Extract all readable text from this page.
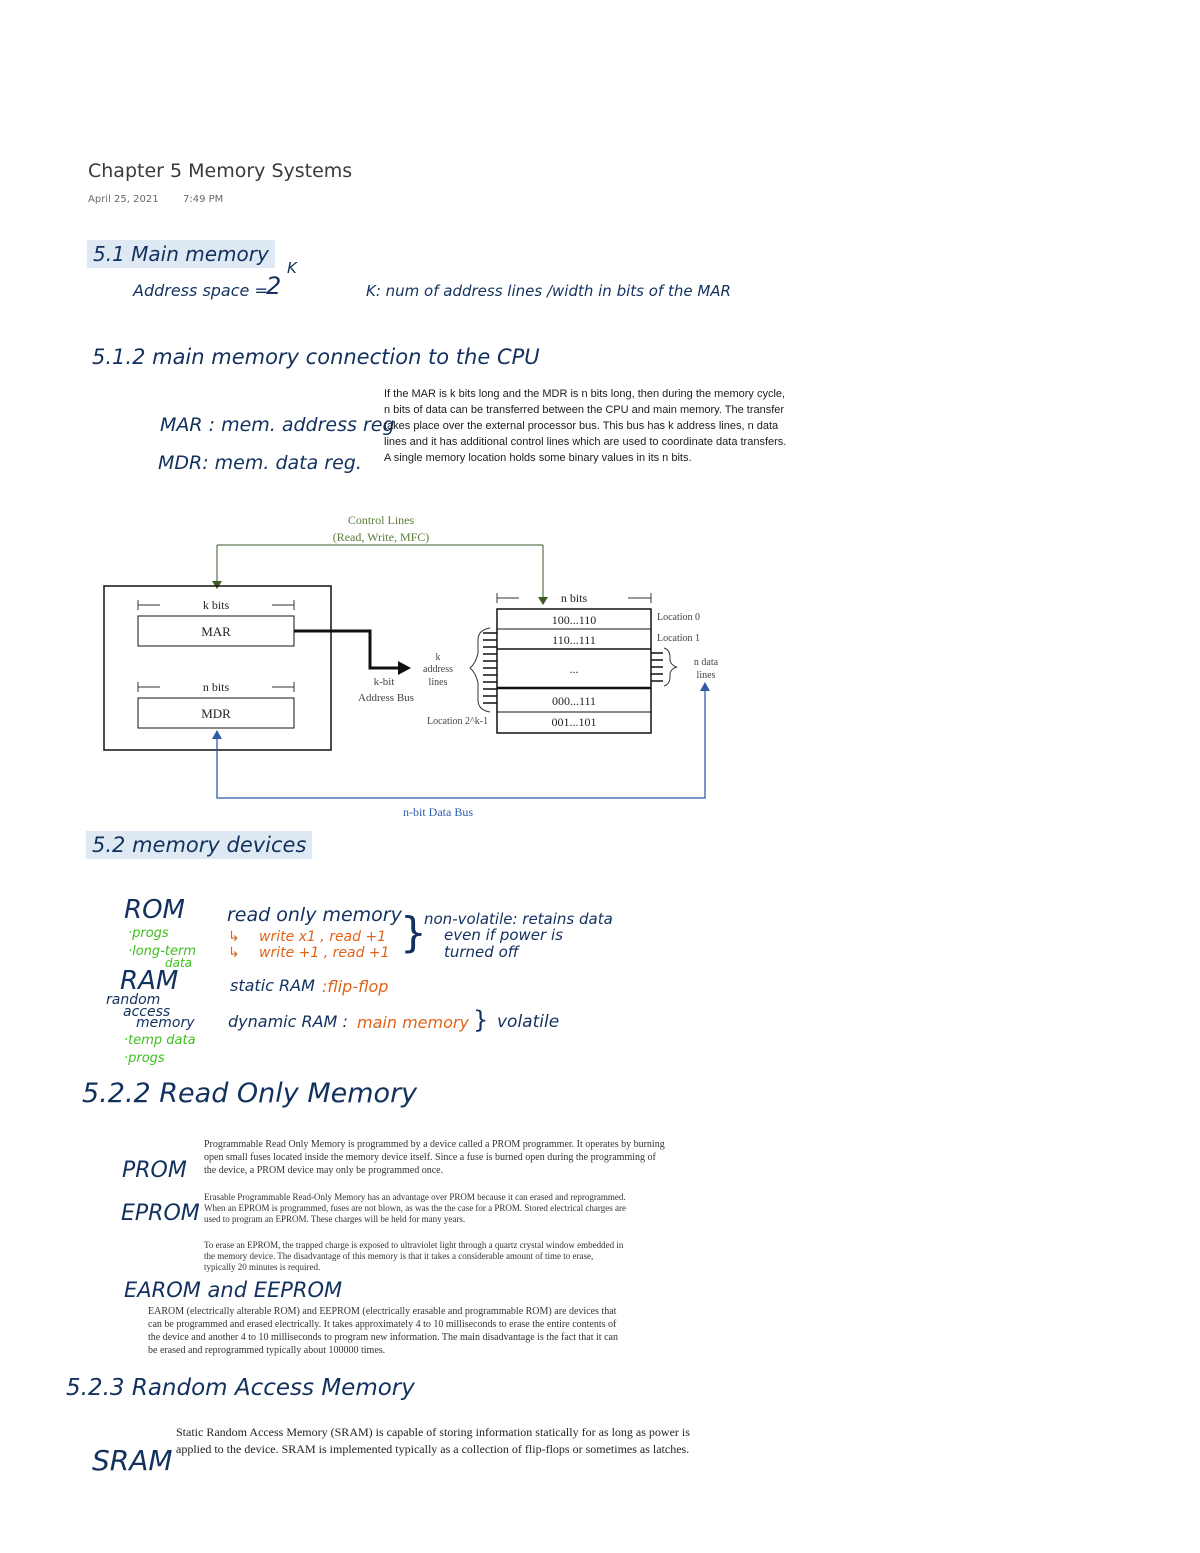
Chapter 5 Memory Systems
April 25, 2021 7:49 PM
5.1 Main memory
Address space =
2
K
K: num of address lines /width in bits of the MAR
5.1.2 main memory connection to the CPU
MAR : mem. address reg
MDR: mem. data reg.
If the MAR is k bits long and the MDR is n bits long, then during the memory cycle, n bits of data can be transferred between the CPU and main memory. The transfer takes place over the external processor bus. This bus has k address lines, n data lines and it has additional control lines which are used to coordinate data transfers. A single memory location holds some binary values in its n bits.
Control Lines
(Read, Write, MFC)
k bits
MAR
n bits
MDR
k-bit
Address Bus
k
address
lines
n bits
100...110
110...111
...
000...111
001...101
Location 0
Location 1
Location 2^k-1
n data
lines
n-bit Data Bus
5.2 memory devices
ROM
·progs
·long-term
data
read only memory
↳ write x1 , read +1
↳ write +1 , read +1 }
non-volatile: retains data
even if power is
turned off
RAM
random
access
memory
·temp data
·progs
static RAM :flip-flop
dynamic RAM : main memory } volatile
5.2.2 Read Only Memory
PROM
EPROM
Programmable Read Only Memory is programmed by a device called a PROM programmer. It operates by burning open small fuses located inside the memory device itself. Since a fuse is burned open during the programming of the device, a PROM device may only be programmed once.
Erasable Programmable Read-Only Memory has an advantage over PROM because it can erased and reprogrammed. When an EPROM is programmed, fuses are not blown, as was the the case for a PROM. Stored electrical charges are used to program an EPROM. These charges will be held for many years.
To erase an EPROM, the trapped charge is exposed to ultraviolet light through a quartz crystal window embedded in the memory device. The disadvantage of this memory is that it takes a considerable amount of time to erase, typically 20 minutes is required.
EAROM and EEPROM
EAROM (electrically alterable ROM) and EEPROM (electrically erasable and programmable ROM) are devices that can be programmed and erased electrically. It takes approximately 4 to 10 milliseconds to erase the entire contents of the device and another 4 to 10 milliseconds to program new information. The main disadvantage is the fact that it can be erased and reprogrammed typically about 100000 times.
5.2.3 Random Access Memory
SRAM
Static Random Access Memory (SRAM) is capable of storing information statically for as long as power is applied to the device. SRAM is implemented typically as a collection of flip-flops or sometimes as latches.
